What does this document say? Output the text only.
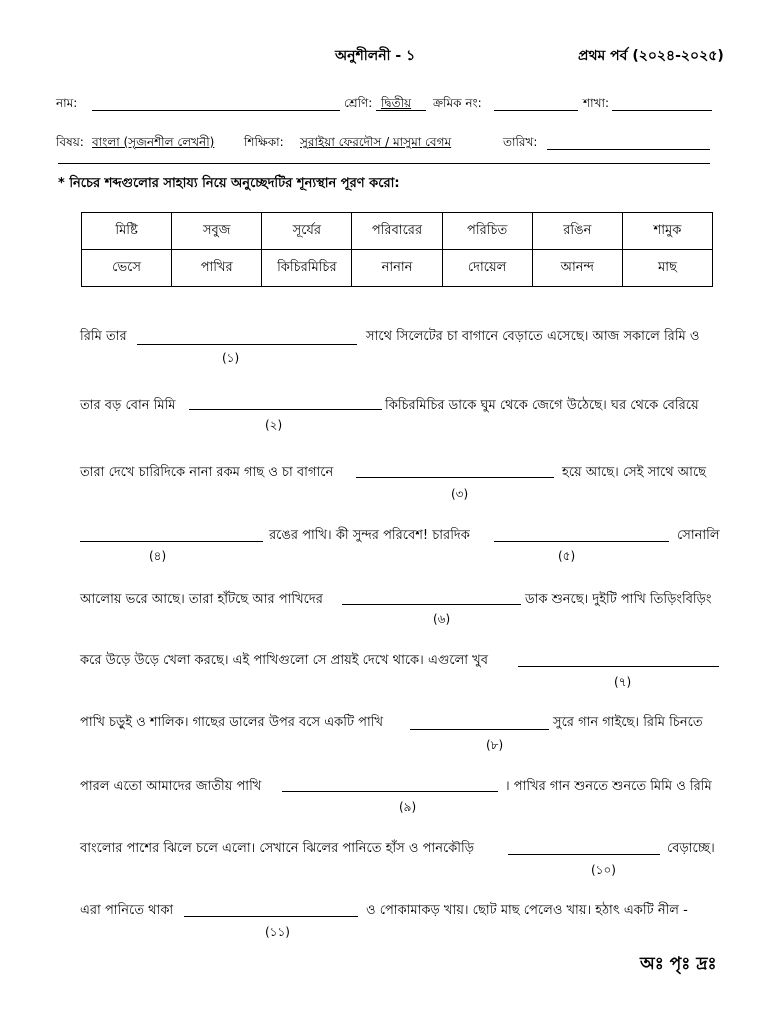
অনুশীলনী - ১	প্রথম পর্ব (২০২৪-২০২৫)
নাম:	শ্রেণি: দ্বিতীয় ক্রমিক নং:	শাখা:
বিষয়: বাংলা (সৃজনশীল লেখনী) শিক্ষিকা: সুরাইয়া ফেরদৌস / মাসুমা বেগম	তারিখ:
* নিচের শব্দগুলোর সাহায্য নিয়ে অনুচ্ছেদটির শূন্যস্থান পূরণ করো:
মিষ্টি	সবুজ	সূর্যের	পরিবারের	পরিচিত	রঙিন	শামুক
ভেসে	পাখির	কিচিরমিচির	নানান	দোয়েল	আনন্দ	মাছ
রিমি তার	সাথে সিলেটের চা বাগানে বেড়াতে এসেছে। আজ সকালে রিমি ও
(১)
তার বড় বোন মিমি	কিচিরমিচির ডাকে ঘুম থেকে জেগে উঠেছে। ঘর থেকে বেরিয়ে
(২)
তারা দেখে চারিদিকে নানা রকম গাছ ও চা বাগানে	হয়ে আছে। সেই সাথে আছে
(৩)
রঙের পাখি। কী সুন্দর পরিবেশ! চারদিক	সোনালি
(৪)	(৫)
আলোয় ভরে আছে। তারা হাঁটছে আর পাখিদের	ডাক শুনছে। দুইটি পাখি তিড়িংবিড়িং
(৬)
করে উড়ে উড়ে খেলা করছে। এই পাখিগুলো সে প্রায়ই দেখে থাকে। এগুলো খুব
(৭)
পাখি চড়ুই ও শালিক। গাছের ডালের উপর বসে একটি পাখি	সুরে গান গাইছে। রিমি চিনতে
(৮)
পারল এতো আমাদের জাতীয় পাখি	। পাখির গান শুনতে শুনতে মিমি ও রিমি
(৯)
বাংলোর পাশের ঝিলে চলে এলো। সেখানে ঝিলের পানিতে হাঁস ও পানকৌড়ি	বেড়াচ্ছে।
(১০)
এরা পানিতে থাকা	ও পোকামাকড় খায়। ছোট মাছ পেলেও খায়। হঠাৎ একটি নীল -
(১১)
অঃ পৃঃ দ্রঃ
